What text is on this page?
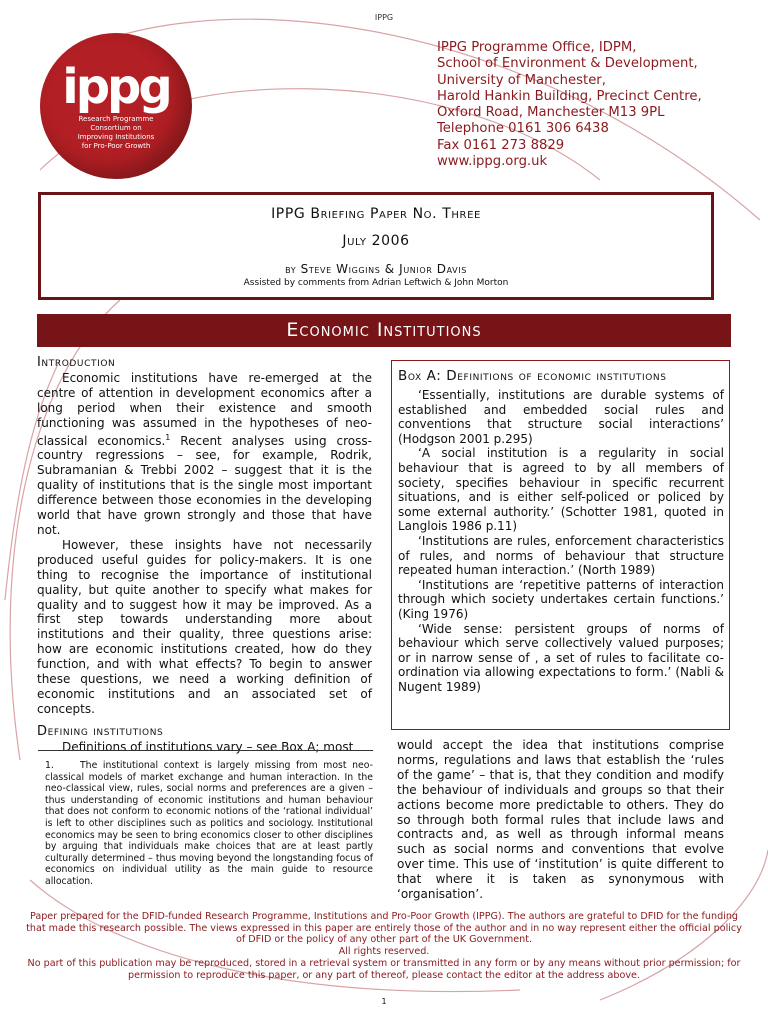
IPPG
ippg
Research Programme
Consortium on
Improving Institutions
for Pro-Poor Growth
IPPG Programme Office, IDPM,
School of Environment & Development,
University of Manchester,
Harold Hankin Building, Precinct Centre,
Oxford Road, Manchester M13 9PL
Telephone 0161 306 6438
Fax 0161 273 8829
www.ippg.org.uk
IPPG Briefing Paper No. Three
July 2006
by Steve Wiggins & Junior Davis
Assisted by comments from Adrian Leftwich & John Morton
Economic Institutions
Introduction

Economic institutions have re-emerged at the centre of attention in development economics after a long period when their existence and smooth functioning was assumed in the hypotheses of neo-classical economics.$^1$ Recent analyses using cross-country regressions – see, for example, Rodrik, Subramanian & Trebbi 2002 – suggest that it is the quality of institutions that is the single most important difference between those economies in the developing world that have grown strongly and those that have not.

However, these insights have not necessarily produced useful guides for policy-makers. It is one thing to recognise the importance of institutional quality, but quite another to specify what makes for quality and to suggest how it may be improved. As a first step towards understanding more about institutions and their quality, three questions arise: how are economic institutions created, how do they function, and with what effects? To begin to answer these questions, we need a working definition of economic institutions and an associated set of concepts.

Defining institutions

Definitions of institutions vary – see Box A; most

Box A: Definitions of economic institutions

‘Essentially, institutions are durable systems of established and embedded social rules and conventions that structure social interactions’ (Hodgson 2001 p.295)

‘A social institution is a regularity in social behaviour that is agreed to by all members of society, specifies behaviour in specific recurrent situations, and is either self-policed or policed by some external authority.’ (Schotter 1981, quoted in Langlois 1986 p.11)

‘Institutions are rules, enforcement characteristics of rules, and norms of behaviour that structure repeated human interaction.’ (North 1989)

‘Institutions are ‘repetitive patterns of interaction through which society undertakes certain functions.’ (King 1976)

‘Wide sense: persistent groups of norms of behaviour which serve collectively valued purposes; or in narrow sense of , a set of rules to facilitate co-ordination via allowing expectations to form.’ (Nabli & Nugent 1989)

would accept the idea that institutions comprise norms, regulations and laws that establish the ‘rules of the game’ – that is, that they condition and modify the behaviour of individuals and groups so that their actions become more predictable to others. They do so through both formal rules that include laws and contracts and, as well as through informal means such as social norms and conventions that evolve over time. This use of ‘institution’ is quite different to that where it is taken as synonymous with ‘organisation’.

1.	The institutional context is largely missing from most neo-classical models of market exchange and human interaction. In the neo-classical view, rules, social norms and preferences are a given – thus understanding of economic institutions and human behaviour that does not conform to economic notions of the ‘rational individual’ is left to other disciplines such as politics and sociology. Institutional economics may be seen to bring economics closer to other disciplines by arguing that individuals make choices that are at least partly culturally determined – thus moving beyond the longstanding focus of economics on individual utility as the main guide to resource allocation.

Paper prepared for the DFID-funded Research Programme, Institutions and Pro-Poor Growth (IPPG). The authors are grateful to DFID for the funding that made this research possible. The views expressed in this paper are entirely those of the author and in no way represent either the official policy of DFID or the policy of any other part of the UK Government.

All rights reserved.

No part of this publication may be reproduced, stored in a retrieval system or transmitted in any form or by any means without prior permission; for permission to reproduce this paper, or any part of thereof, please contact the editor at the address above.

1
